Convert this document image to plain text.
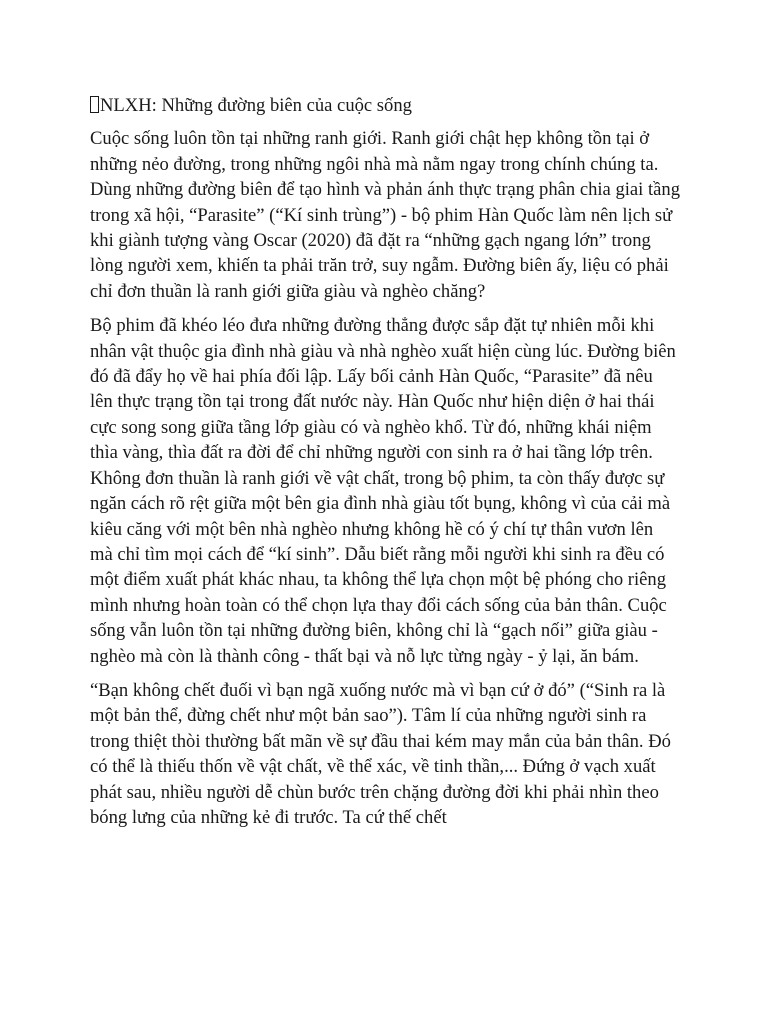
NLXH: Những đường biên của cuộc sống

Cuộc sống luôn tồn tại những ranh giới. Ranh giới chật hẹp không tồn tại ở những nẻo đường, trong những ngôi nhà mà nằm ngay trong chính chúng ta. Dùng những đường biên để tạo hình và phản ánh thực trạng phân chia giai tầng trong xã hội, “Parasite” (“Kí sinh trùng”) - bộ phim Hàn Quốc làm nên lịch sử khi giành tượng vàng Oscar (2020) đã đặt ra “những gạch ngang lớn” trong lòng người xem, khiến ta phải trăn trở, suy ngẫm. Đường biên ấy, liệu có phải chỉ đơn thuần là ranh giới giữa giàu và nghèo chăng?

Bộ phim đã khéo léo đưa những đường thẳng được sắp đặt tự nhiên mỗi khi nhân vật thuộc gia đình nhà giàu và nhà nghèo xuất hiện cùng lúc. Đường biên đó đã đẩy họ về hai phía đối lập. Lấy bối cảnh Hàn Quốc, “Parasite” đã nêu lên thực trạng tồn tại trong đất nước này. Hàn Quốc như hiện diện ở hai thái cực song song giữa tầng lớp giàu có và nghèo khổ. Từ đó, những khái niệm thìa vàng, thìa đất ra đời để chỉ những người con sinh ra ở hai tầng lớp trên. Không đơn thuần là ranh giới về vật chất, trong bộ phim, ta còn thấy được sự ngăn cách rõ rệt giữa một bên gia đình nhà giàu tốt bụng, không vì của cải mà kiêu căng với một bên nhà nghèo nhưng không hề có ý chí tự thân vươn lên mà chỉ tìm mọi cách để “kí sinh”. Dẫu biết rằng mỗi người khi sinh ra đều có một điểm xuất phát khác nhau, ta không thể lựa chọn một bệ phóng cho riêng mình nhưng hoàn toàn có thể chọn lựa thay đổi cách sống của bản thân. Cuộc sống vẫn luôn tồn tại những đường biên, không chỉ là “gạch nối” giữa giàu - nghèo mà còn là thành công - thất bại và nỗ lực từng ngày - ỷ lại, ăn bám.

“Bạn không chết đuối vì bạn ngã xuống nước mà vì bạn cứ ở đó” (“Sinh ra là một bản thể, đừng chết như một bản sao”). Tâm lí của những người sinh ra trong thiệt thòi thường bất mãn về sự đầu thai kém may mắn của bản thân. Đó có thể là thiếu thốn về vật chất, về thể xác, về tinh thần,... Đứng ở vạch xuất phát sau, nhiều người dễ chùn bước trên chặng đường đời khi phải nhìn theo bóng lưng của những kẻ đi trước. Ta cứ thế chết
